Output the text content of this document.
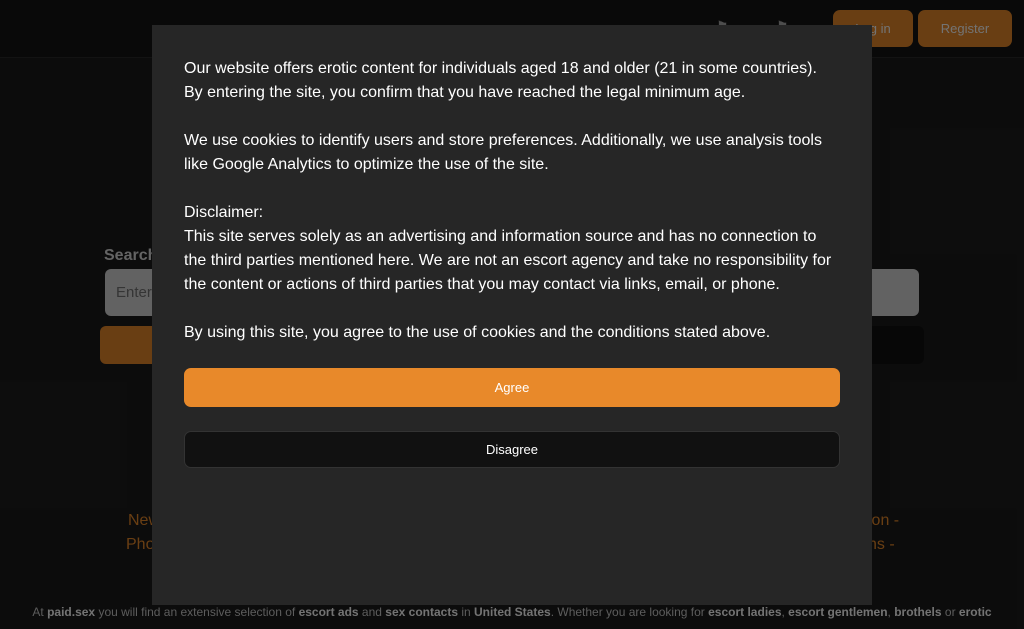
Enter

Our website offers erotic content for individuals aged 18 and older (21 in some countries). By entering the site, you confirm that you have reached the legal minimum age.

We use cookies to identify users and store preferences. Additionally, we use analysis tools like Google Analytics to optimize the use of the site.

Disclaimer:

This site serves solely as an advertising and information source and has no connection to the third parties mentioned here. We are not an escort agency and take no responsibility for the content or actions of third parties that you may contact via links, email, or phone.

By using this site, you agree to the use of cookies and the conditions stated above.

Agree
Disagree
